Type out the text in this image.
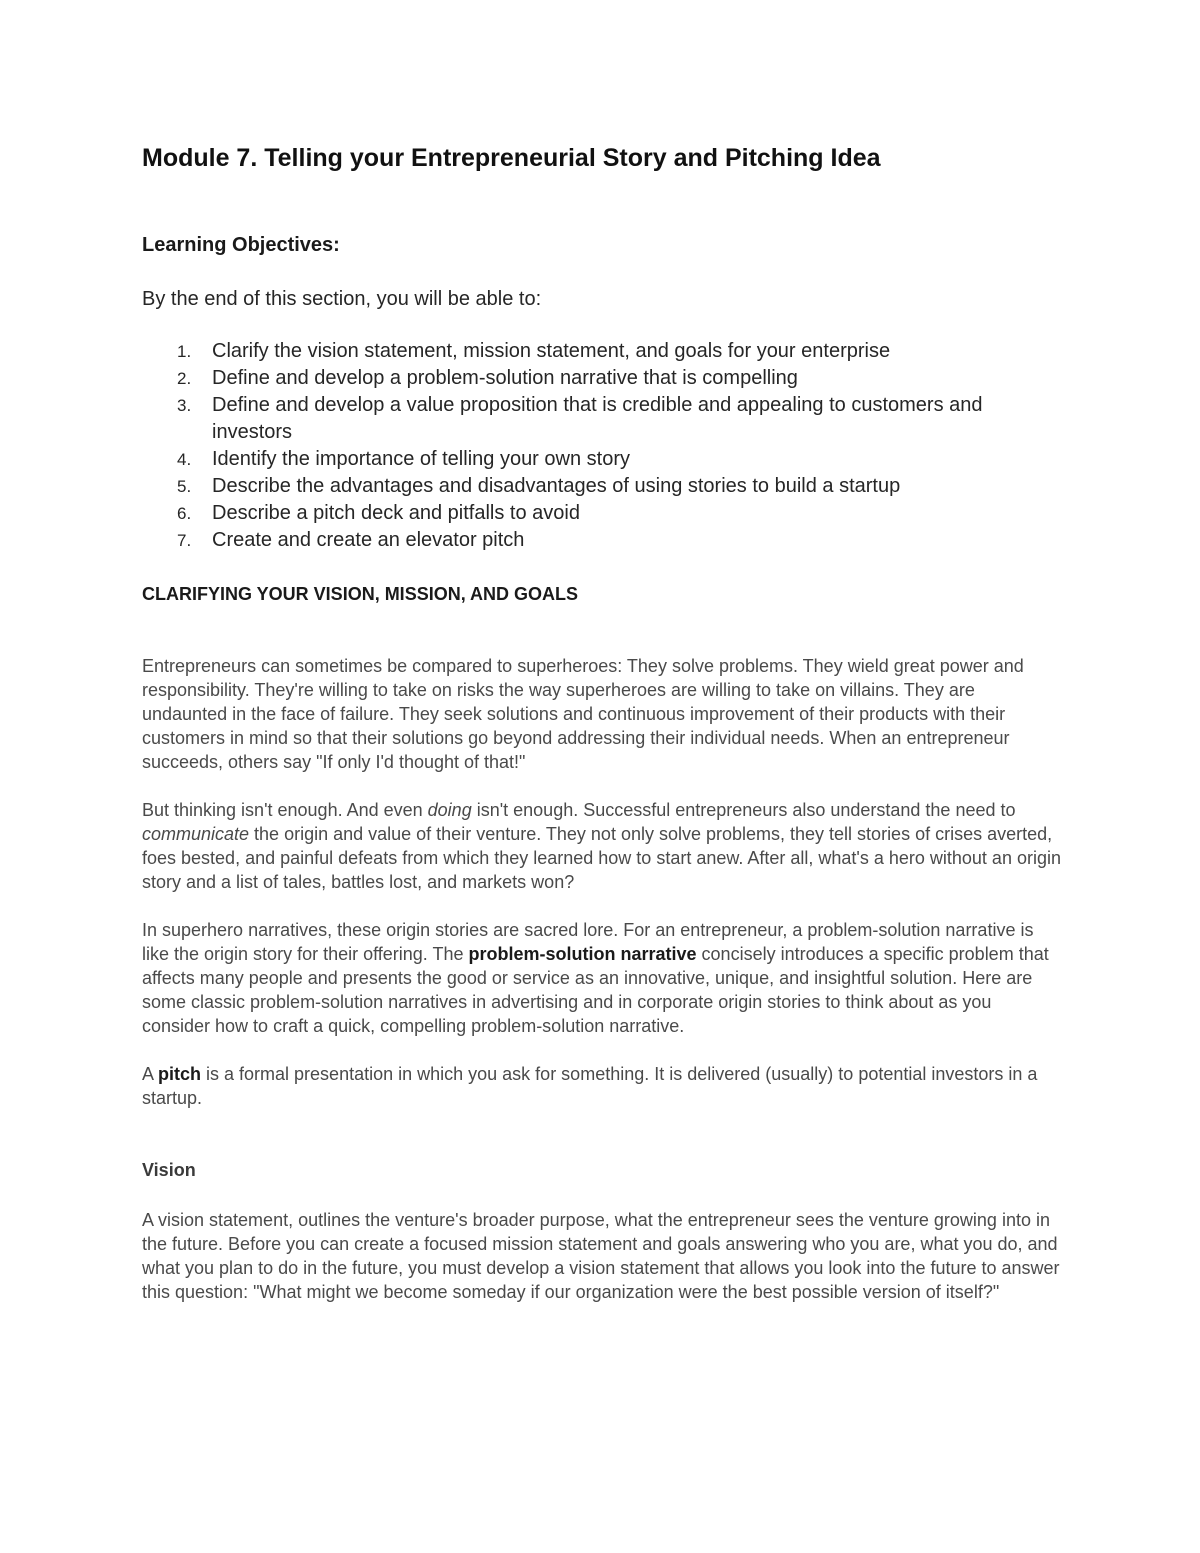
Module 7. Telling your Entrepreneurial Story and Pitching Idea
Learning Objectives:

By the end of this section, you will be able to:

1. Clarify the vision statement, mission statement, and goals for your enterprise
2. Define and develop a problem-solution narrative that is compelling
3. Define and develop a value proposition that is credible and appealing to customers and investors
4. Identify the importance of telling your own story
5. Describe the advantages and disadvantages of using stories to build a startup
6. Describe a pitch deck and pitfalls to avoid
7. Create and create an elevator pitch
CLARIFYING YOUR VISION, MISSION, AND GOALS

Entrepreneurs can sometimes be compared to superheroes: They solve problems. They wield great power and responsibility. They're willing to take on risks the way superheroes are willing to take on villains. They are undaunted in the face of failure. They seek solutions and continuous improvement of their products with their customers in mind so that their solutions go beyond addressing their individual needs. When an entrepreneur succeeds, others say "If only I'd thought of that!"

But thinking isn't enough. And even doing isn't enough. Successful entrepreneurs also understand the need to communicate the origin and value of their venture. They not only solve problems, they tell stories of crises averted, foes bested, and painful defeats from which they learned how to start anew. After all, what's a hero without an origin story and a list of tales, battles lost, and markets won?

In superhero narratives, these origin stories are sacred lore. For an entrepreneur, a problem-solution narrative is like the origin story for their offering. The problem-solution narrative concisely introduces a specific problem that affects many people and presents the good or service as an innovative, unique, and insightful solution. Here are some classic problem-solution narratives in advertising and in corporate origin stories to think about as you consider how to craft a quick, compelling problem-solution narrative.

A pitch is a formal presentation in which you ask for something. It is delivered (usually) to potential investors in a startup.

Vision

A vision statement, outlines the venture's broader purpose, what the entrepreneur sees the venture growing into in the future. Before you can create a focused mission statement and goals answering who you are, what you do, and what you plan to do in the future, you must develop a vision statement that allows you look into the future to answer this question: "What might we become someday if our organization were the best possible version of itself?"
